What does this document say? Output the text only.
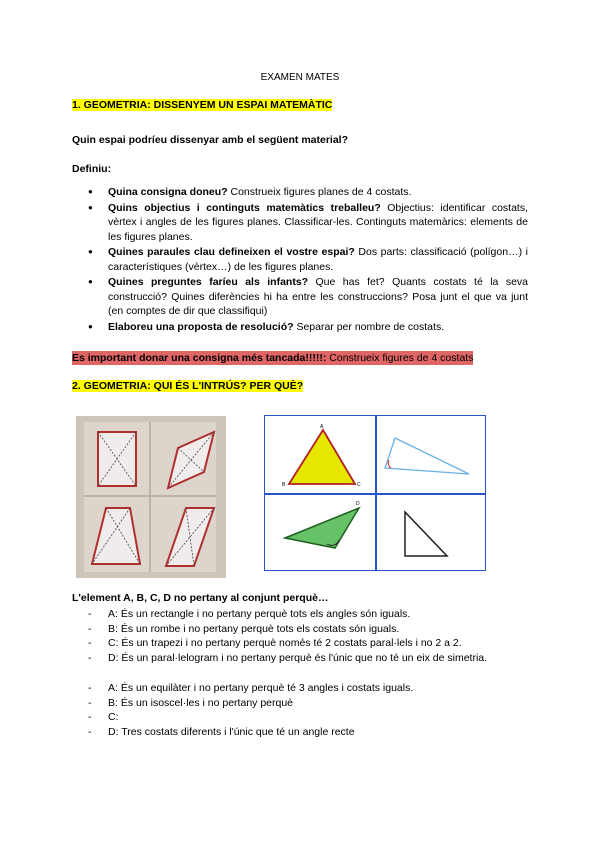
EXAMEN MATES
1. GEOMETRIA: DISSENYEM UN ESPAI MATEMÀTIC
Quin espai podríeu dissenyar amb el següent material?
Definiu:
● Quina consigna doneu? Construeix figures planes de 4 costats.
● Quins objectius i continguts matemàtics treballeu? Objectius: identificar costats, vèrtex i angles de les figures planes. Classificar-les. Continguts matemàrics: elements de les figures planes.
● Quines paraules clau defineixen el vostre espai? Dos parts: classificació (polígon…) i característiques (vèrtex…) de les figures planes.
● Quines preguntes faríeu als infants? Que has fet? Quants costats té la seva construcció? Quines diferències hi ha entre les construccions? Posa junt el que va junt (en comptes de dir que classifiqui)
● Elaboreu una proposta de resolució? Separar per nombre de costats.
Es important donar una consigna més tancada!!!!!: Construeix figures de 4 costats
2. GEOMETRIA: QUI ÉS L'INTRÚS? PER QUÈ?
A
B	C
D
L'element A, B, C, D no pertany al conjunt perquè…
- A: És un rectangle i no pertany perquè tots els angles són iguals.
- B: És un rombe i no pertany perquè tots els costats són iguals.
- C: És un trapezi i no pertany perquè només té 2 costats paral·lels i no 2 a 2.
- D: És un paral·lelogram i no pertany perquè és l'únic que no té un eix de simetria.
- A: És un equilàter i no pertany perquè té 3 angles i costats iguals.
- B: És un isoscel·les i no pertany perquè
- C:
- D: Tres costats diferents i l'únic que té un angle recte
